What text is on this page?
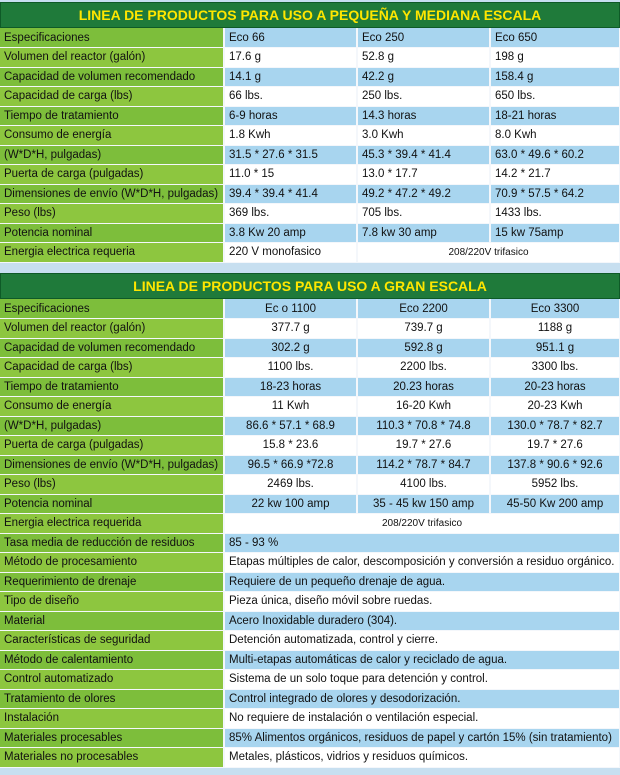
LINEA DE PRODUCTOS PARA USO A PEQUEÑA Y MEDIANA ESCALA
Especificaciones	Eco 66	Eco 250	Eco 650
Volumen del reactor (galón)	17.6 g	52.8 g	198 g
Capacidad de volumen recomendado	14.1 g	42.2 g	158.4 g
Capacidad de carga (lbs)	66 lbs.	250 lbs.	650 lbs.
Tiempo de tratamiento	6-9 horas	14.3 horas	18-21 horas
Consumo de energía	1.8 Kwh	3.0 Kwh	8.0 Kwh
(W*D*H, pulgadas)	31.5 * 27.6 * 31.5	45.3 * 39.4 * 41.4	63.0 * 49.6 * 60.2
Puerta de carga (pulgadas)	11.0 * 15	13.0 * 17.7	14.2 * 21.7
Dimensiones de envío (W*D*H, pulgadas)	39.4 * 39.4 * 41.4	49.2 * 47.2 * 49.2	70.9 * 57.5 * 64.2
Peso (lbs)	369 lbs.	705 lbs.	1433 lbs.
Potencia nominal	3.8 Kw 20 amp	7.8 kw 30 amp	15 kw 75amp
Energia electrica requeria	220 V monofasico	208/220V trifasico	
LINEA DE PRODUCTOS PARA USO A GRAN ESCALA
Especificaciones	Ec o 1100	Eco 2200	Eco 3300
Volumen del reactor (galón)	377.7 g	739.7 g	1188 g
Capacidad de volumen recomendado	302.2 g	592.8 g	951.1 g
Capacidad de carga (lbs)	1100 lbs.	2200 lbs.	3300 lbs.
Tiempo de tratamiento	18-23 horas	20.23 horas	20-23 horas
Consumo de energía	11 Kwh	16-20 Kwh	20-23 Kwh
(W*D*H, pulgadas)	86.6 * 57.1 * 68.9	110.3 * 70.8 * 74.8	130.0 * 78.7 * 82.7
Puerta de carga (pulgadas)	15.8 * 23.6	19.7 * 27.6	19.7 * 27.6
Dimensiones de envío (W*D*H, pulgadas)	96.5 * 66.9 *72.8	114.2 * 78.7 * 84.7	137.8 * 90.6 * 92.6
Peso (lbs)	2469 lbs.	4100 lbs.	5952 lbs.
Potencia nominal	22 kw 100 amp	35 - 45 kw 150 amp	45-50 Kw 200 amp
Energia electrica requerida	208/220V trifasico		
Tasa media de reducción de residuos	85 - 93 %		
Método de procesamiento	Etapas múltiples de calor, descomposición y conversión a residuo orgánico.		
Requerimiento de drenaje	Requiere de un pequeño drenaje de agua.		
Tipo de diseño	Pieza única, diseño móvil sobre ruedas.		
Material	Acero Inoxidable duradero (304).		
Características de seguridad	Detención automatizada, control y cierre.		
Método de calentamiento	Multi-etapas automáticas de calor y reciclado de agua.		
Control automatizado	Sistema de un solo toque para detención y control.		
Tratamiento de olores	Control integrado de olores y desodorización.		
Instalación	No requiere de instalación o ventilación especial.		
Materiales procesables	85% Alimentos orgánicos, residuos de papel y cartón 15% (sin tratamiento)		
Materiales no procesables	Metales, plásticos, vidrios y residuos químicos.		
